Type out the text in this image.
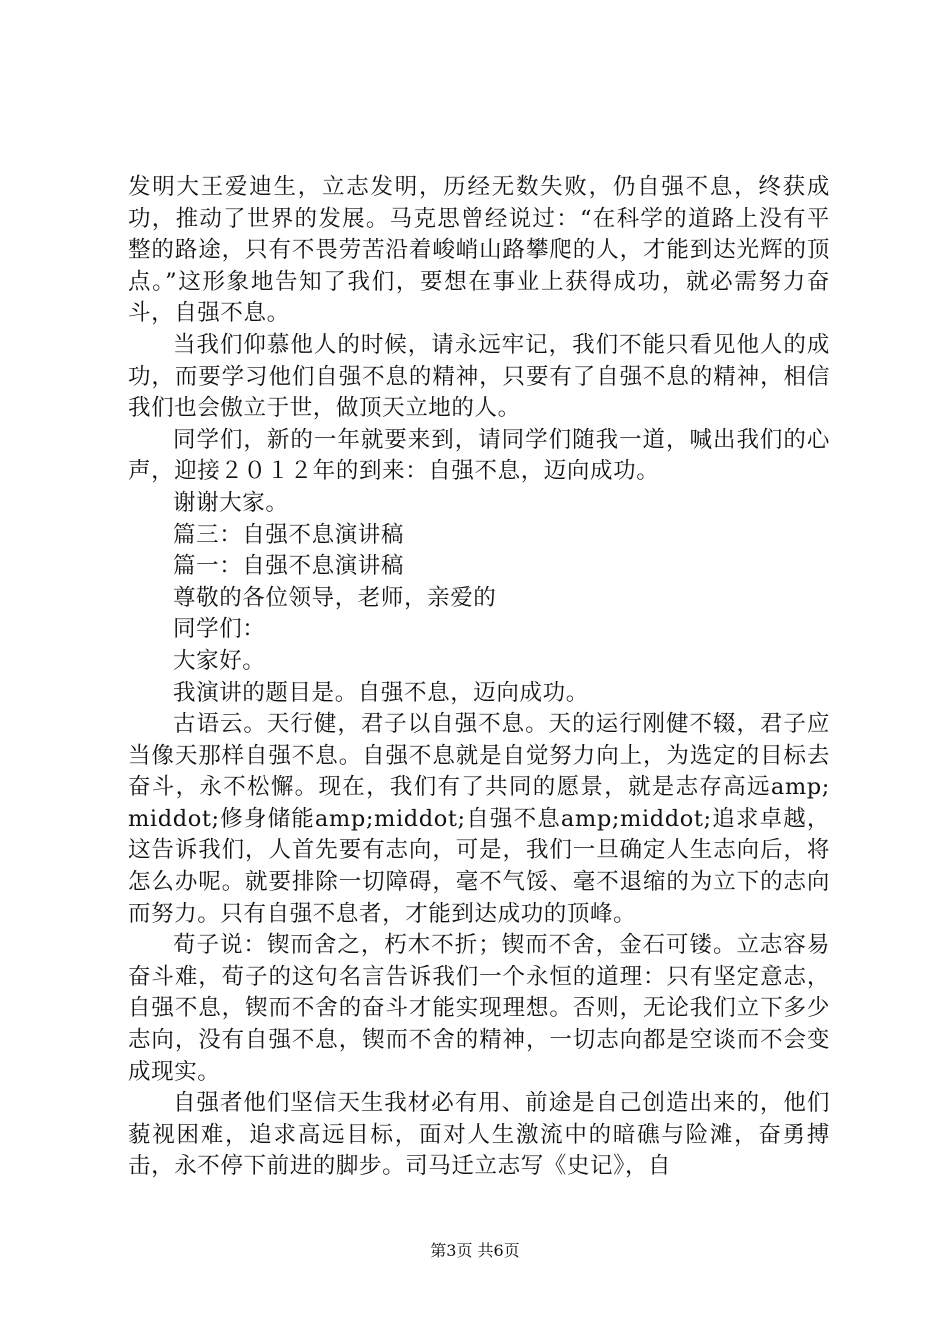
发明大王爱迪生，立志发明，历经无数失败，仍自强不息，终获成功，推动了世界的发展。马克思曾经说过：“在科学的道路上没有平整的路途，只有不畏劳苦沿着峻峭山路攀爬的人，才能到达光辉的顶点。”这形象地告知了我们，要想在事业上获得成功，就必需努力奋斗，自强不息。

当我们仰慕他人的时候，请永远牢记，我们不能只看见他人的成功，而要学习他们自强不息的精神，只要有了自强不息的精神，相信我们也会傲立于世，做顶天立地的人。

同学们，新的一年就要来到，请同学们随我一道，喊出我们的心声，迎接２０１２年的到来：自强不息，迈向成功。

谢谢大家。

篇三：自强不息演讲稿

篇一：自强不息演讲稿

尊敬的各位领导，老师，亲爱的

同学们：

大家好。

我演讲的题目是。自强不息，迈向成功。

古语云。天行健，君子以自强不息。天的运行刚健不辍，君子应当像天那样自强不息。自强不息就是自觉努力向上，为选定的目标去奋斗，永不松懈。现在，我们有了共同的愿景，就是志存高远amp;middot;修身储能amp;middot;自强不息amp;middot;追求卓越，这告诉我们，人首先要有志向，可是，我们一旦确定人生志向后，将怎么办呢。就要排除一切障碍，毫不气馁、毫不退缩的为立下的志向而努力。只有自强不息者，才能到达成功的顶峰。

荀子说：锲而舍之，朽木不折；锲而不舍，金石可镂。立志容易奋斗难，荀子的这句名言告诉我们一个永恒的道理：只有坚定意志，自强不息，锲而不舍的奋斗才能实现理想。否则，无论我们立下多少志向，没有自强不息，锲而不舍的精神，一切志向都是空谈而不会变成现实。

自强者他们坚信天生我材必有用、前途是自己创造出来的，他们藐视困难，追求高远目标，面对人生激流中的暗礁与险滩，奋勇搏击，永不停下前进的脚步。司马迁立志写《史记》，自

第3页 共6页
